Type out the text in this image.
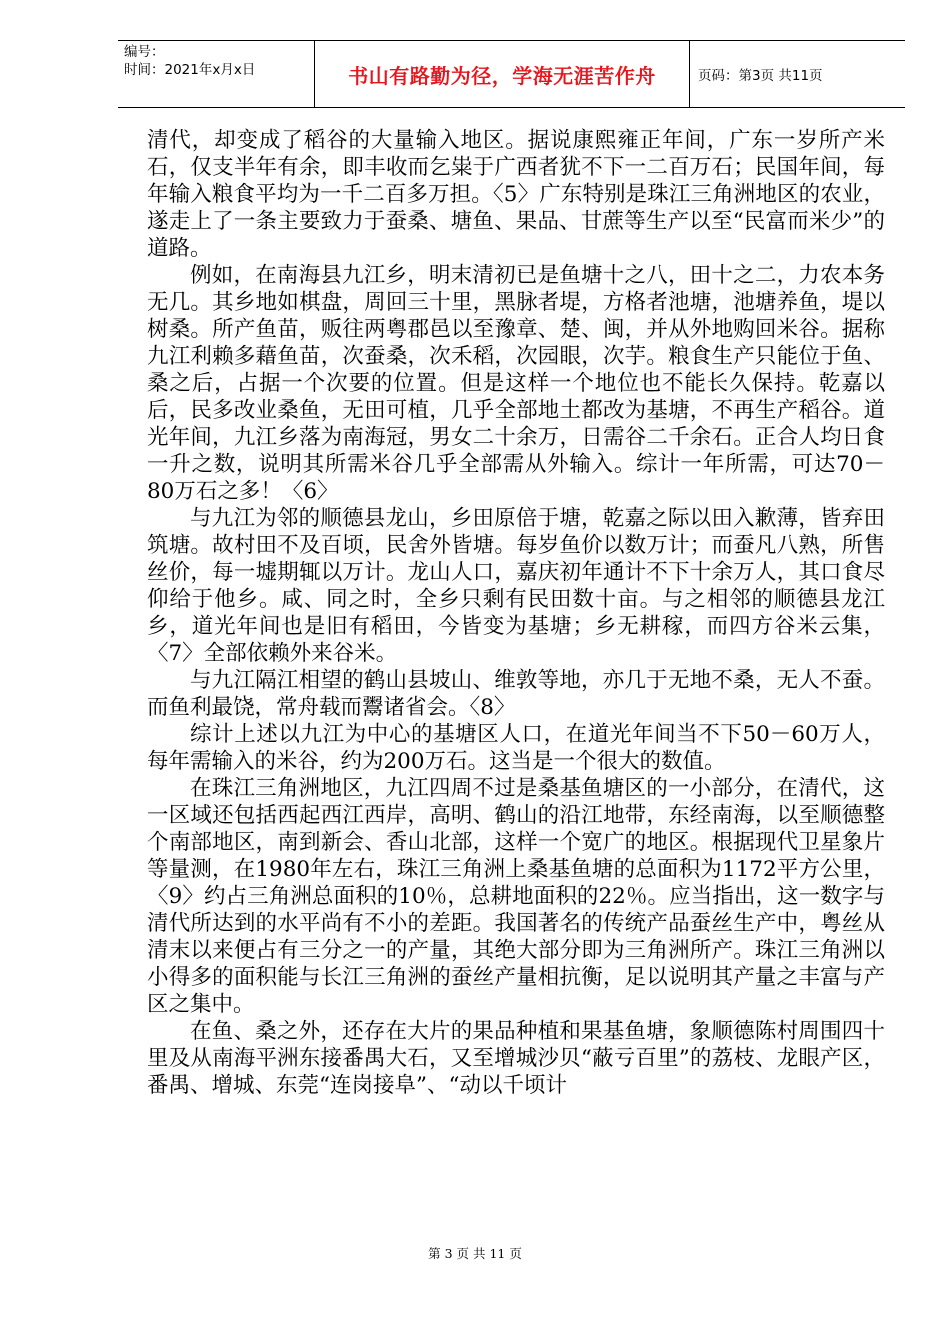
编号：
时间：2021年x月x日	书山有路勤为径，学海无涯苦作舟	页码：第3页 共11页

清代，却变成了稻谷的大量输入地区。据说康熙雍正年间，广东一岁所产米石，仅支半年有余，即丰收而乞粜于广西者犹不下一二百万石；民国年间，每年输入粮食平均为一千二百多万担。〈5〉广东特别是珠江三角洲地区的农业，遂走上了一条主要致力于蚕桑、塘鱼、果品、甘蔗等生产以至“民富而米少”的道路。

例如，在南海县九江乡，明末清初已是鱼塘十之八，田十之二，力农本务无几。其乡地如棋盘，周回三十里，黑脉者堤，方格者池塘，池塘养鱼，堤以树桑。所产鱼苗，贩往两粤郡邑以至豫章、楚、闽，并从外地购回米谷。据称九江利赖多藉鱼苗，次蚕桑，次禾稻，次园眼，次芋。粮食生产只能位于鱼、桑之后，占据一个次要的位置。但是这样一个地位也不能长久保持。乾嘉以后，民多改业桑鱼，无田可植，几乎全部地土都改为基塘，不再生产稻谷。道光年间，九江乡落为南海冠，男女二十余万，日需谷二千余石。正合人均日食一升之数，说明其所需米谷几乎全部需从外输入。综计一年所需，可达70－80万石之多！〈6〉

与九江为邻的顺德县龙山，乡田原倍于塘，乾嘉之际以田入歉薄，皆弃田筑塘。故村田不及百顷，民舍外皆塘。每岁鱼价以数万计；而蚕凡八熟，所售丝价，每一墟期辄以万计。龙山人口，嘉庆初年通计不下十余万人，其口食尽仰给于他乡。咸、同之时，全乡只剩有民田数十亩。与之相邻的顺德县龙江乡，道光年间也是旧有稻田，今皆变为基塘；乡无耕稼，而四方谷米云集，〈7〉全部依赖外来谷米。

与九江隔江相望的鹤山县坡山、维敦等地，亦几于无地不桑，无人不蚕。而鱼利最饶，常舟载而鬻诸省会。〈8〉

综计上述以九江为中心的基塘区人口，在道光年间当不下50－60万人，每年需输入的米谷，约为200万石。这当是一个很大的数值。

在珠江三角洲地区，九江四周不过是桑基鱼塘区的一小部分，在清代，这一区域还包括西起西江西岸，高明、鹤山的沿江地带，东经南海，以至顺德整个南部地区，南到新会、香山北部，这样一个宽广的地区。根据现代卫星象片等量测，在1980年左右，珠江三角洲上桑基鱼塘的总面积为1172平方公里，〈9〉约占三角洲总面积的10％，总耕地面积的22％。应当指出，这一数字与清代所达到的水平尚有不小的差距。我国著名的传统产品蚕丝生产中，粤丝从清末以来便占有三分之一的产量，其绝大部分即为三角洲所产。珠江三角洲以小得多的面积能与长江三角洲的蚕丝产量相抗衡，足以说明其产量之丰富与产区之集中。

在鱼、桑之外，还存在大片的果品种植和果基鱼塘，象顺德陈村周围四十里及从南海平洲东接番禺大石，又至增城沙贝“蔽亏百里”的荔枝、龙眼产区，番禺、增城、东莞“连岗接阜”、“动以千顷计

第 3 页 共 11 页
